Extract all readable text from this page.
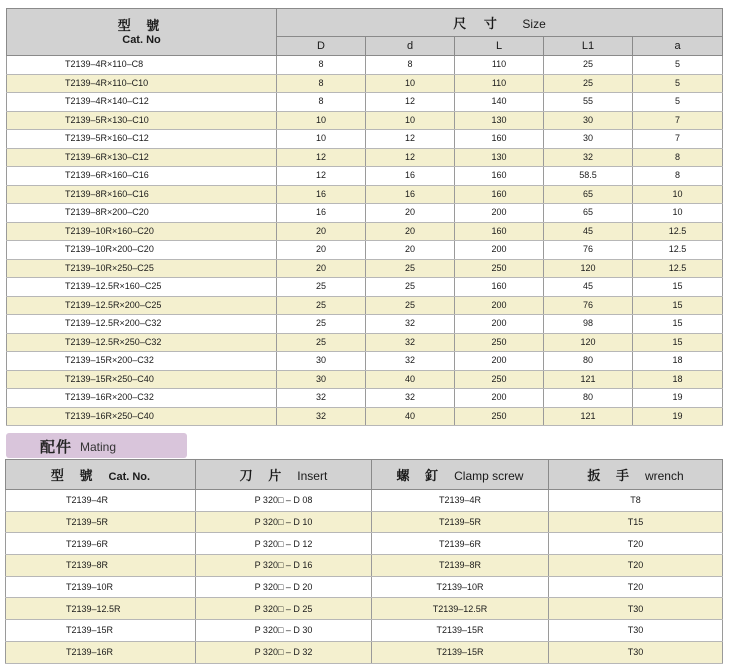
型 號
Cat. No	尺 寸 Size				
	D	d	L	L1	a
T2139–4R×110–C8	8	8	110	25	5
T2139–4R×110–C10	8	10	110	25	5
T2139–4R×140–C12	8	12	140	55	5
T2139–5R×130–C10	10	10	130	30	7
T2139–5R×160–C12	10	12	160	30	7
T2139–6R×130–C12	12	12	130	32	8
T2139–6R×160–C16	12	16	160	58.5	8
T2139–8R×160–C16	16	16	160	65	10
T2139–8R×200–C20	16	20	200	65	10
T2139–10R×160–C20	20	20	160	45	12.5
T2139–10R×200–C20	20	20	200	76	12.5
T2139–10R×250–C25	20	25	250	120	12.5
T2139–12.5R×160–C25	25	25	160	45	15
T2139–12.5R×200–C25	25	25	200	76	15
T2139–12.5R×200–C32	25	32	200	98	15
T2139–12.5R×250–C32	25	32	250	120	15
T2139–15R×200–C32	30	32	200	80	18
T2139–15R×250–C40	30	40	250	121	18
T2139–16R×200–C32	32	32	200	80	19
T2139–16R×250–C40	32	40	250	121	19
配件 Mating
型 號 Cat. No.	刀 片 Insert	螺 釘 Clamp screw	扳 手 wrench
T2139–4R	P 320□ – D 08	T2139–4R	T8
T2139–5R	P 320□ – D 10	T2139–5R	T15
T2139–6R	P 320□ – D 12	T2139–6R	T20
T2139–8R	P 320□ – D 16	T2139–8R	T20
T2139–10R	P 320□ – D 20	T2139–10R	T20
T2139–12.5R	P 320□ – D 25	T2139–12.5R	T30
T2139–15R	P 320□ – D 30	T2139–15R	T30
T2139–16R	P 320□ – D 32	T2139–15R	T30
